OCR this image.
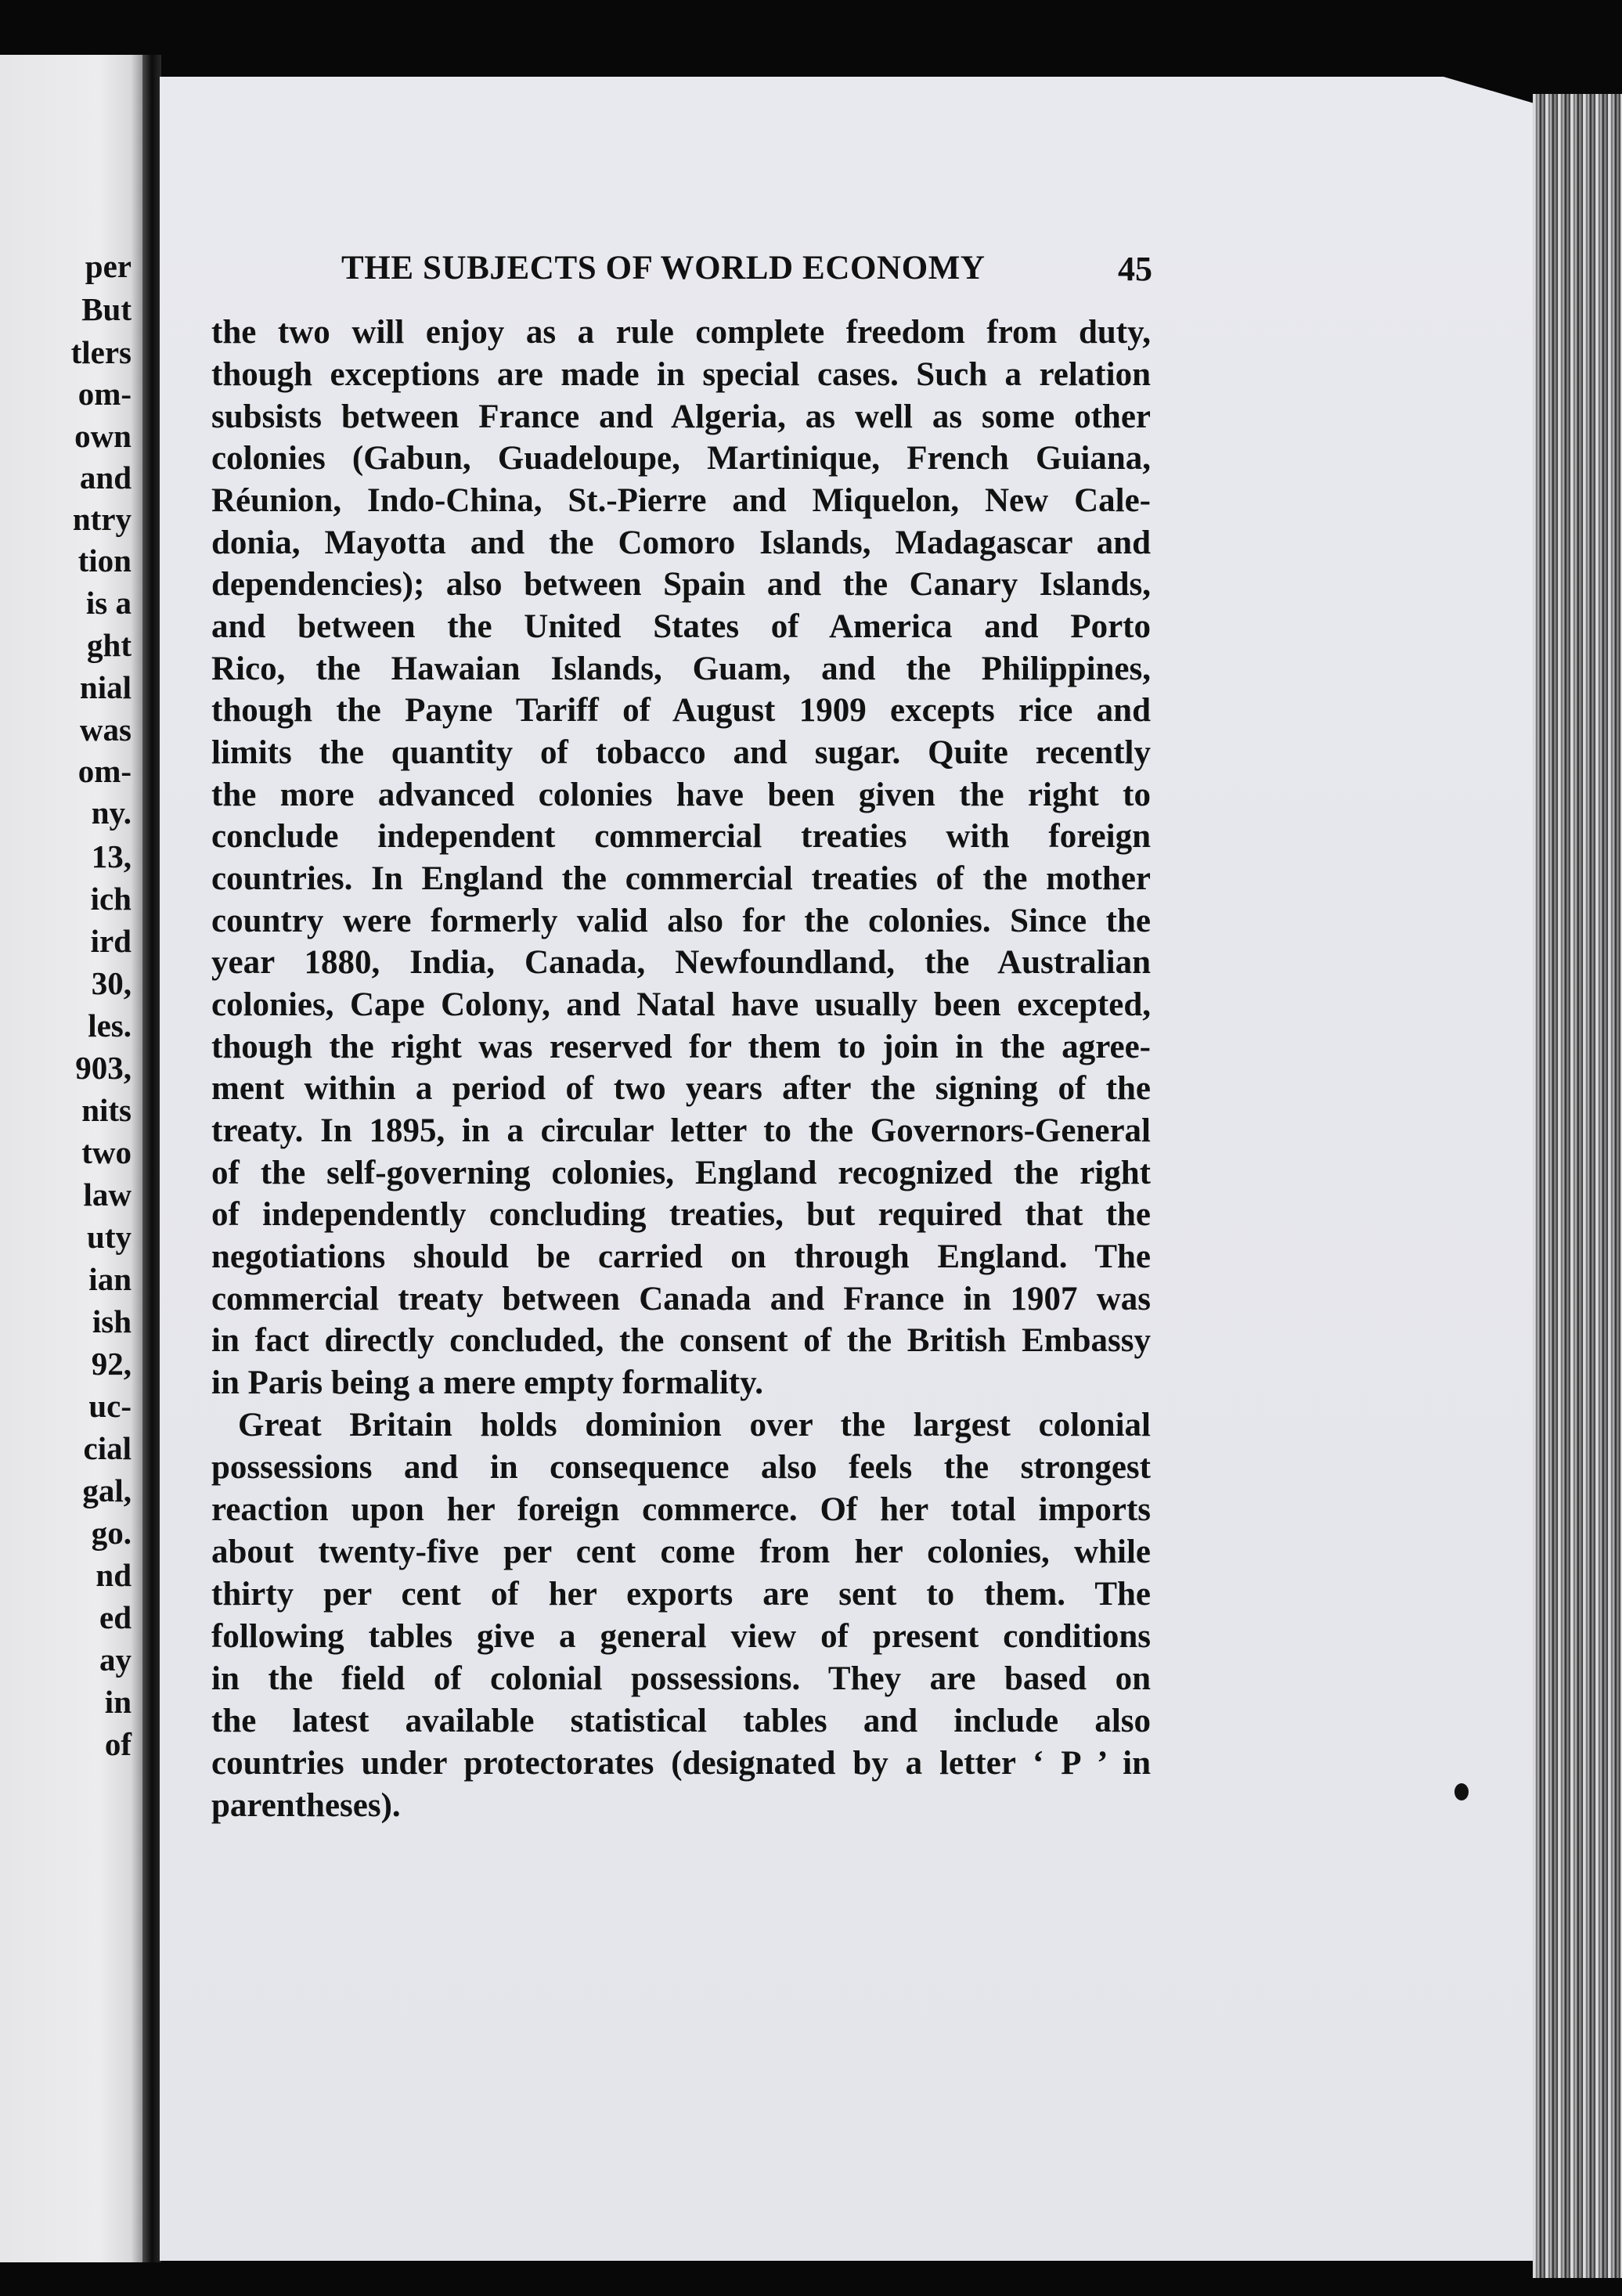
per
But
tlers
om-
own
and
ntry
tion
is a
ght
nial
was
om-
ny.
13,
ich
ird
30,
les.
903,
nits
two
law
uty
ian
ish
92,
uc-
cial
gal,
go.
nd
ed
ay
in
of
THE SUBJECTS OF WORLD ECONOMY	45
the two will enjoy as a rule complete freedom from duty,
though exceptions are made in special cases. Such a relation
subsists between France and Algeria, as well as some other
colonies (Gabun, Guadeloupe, Martinique, French Guiana,
Réunion, Indo-China, St.-Pierre and Miquelon, New Cale-
donia, Mayotta and the Comoro Islands, Madagascar and
dependencies); also between Spain and the Canary Islands,
and between the United States of America and Porto
Rico, the Hawaian Islands, Guam, and the Philippines,
though the Payne Tariff of August 1909 excepts rice and
limits the quantity of tobacco and sugar. Quite recently
the more advanced colonies have been given the right to
conclude independent commercial treaties with foreign
countries. In England the commercial treaties of the mother
country were formerly valid also for the colonies. Since the
year 1880, India, Canada, Newfoundland, the Australian
colonies, Cape Colony, and Natal have usually been excepted,
though the right was reserved for them to join in the agree-
ment within a period of two years after the signing of the
treaty. In 1895, in a circular letter to the Governors-General
of the self-governing colonies, England recognized the right
of independently concluding treaties, but required that the
negotiations should be carried on through England. The
commercial treaty between Canada and France in 1907 was
in fact directly concluded, the consent of the British Embassy
in Paris being a mere empty formality.
Great Britain holds dominion over the largest colonial
possessions and in consequence also feels the strongest
reaction upon her foreign commerce. Of her total imports
about twenty-five per cent come from her colonies, while
thirty per cent of her exports are sent to them. The
following tables give a general view of present conditions
in the field of colonial possessions. They are based on
the latest available statistical tables and include also
countries under protectorates (designated by a letter ‘ P ’ in
parentheses).
